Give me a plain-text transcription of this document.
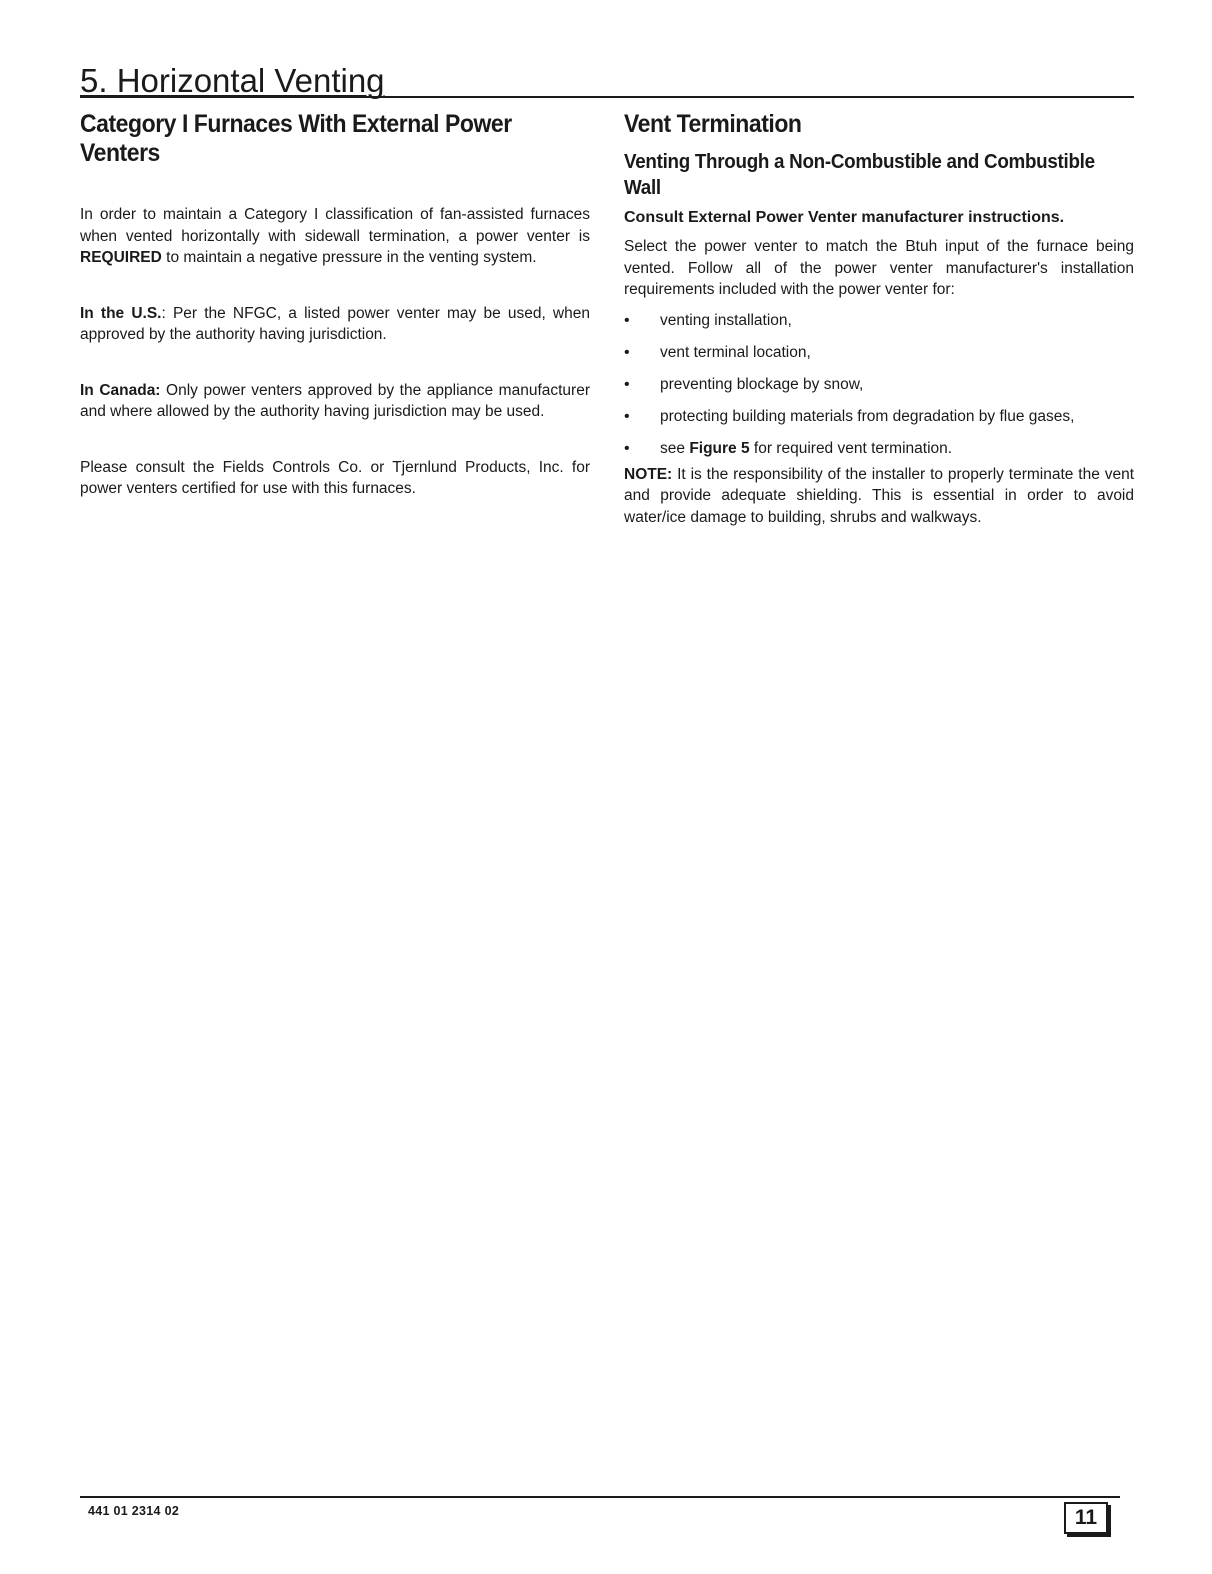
5. Horizontal Venting
Category I Furnaces With External Power Venters

In order to maintain a Category I classification of fan-assisted furnaces when vented horizontally with sidewall termination, a power venter is REQUIRED to maintain a negative pressure in the venting system.

In the U.S.: Per the NFGC, a listed power venter may be used, when approved by the authority having jurisdiction.

In Canada: Only power venters approved by the appliance manufacturer and where allowed by the authority having jurisdiction may be used.

Please consult the Fields Controls Co. or Tjernlund Products, Inc. for power venters certified for use with this furnaces.

Vent Termination
Venting Through a Non-Combustible and Combustible Wall
Consult External Power Venter manufacturer instructions.

Select the power venter to match the Btuh input of the furnace being vented. Follow all of the power venter manufacturer's installation requirements included with the power venter for:

• venting installation,
• vent terminal location,
• preventing blockage by snow,
• protecting building materials from degradation by flue gases,
• see Figure 5 for required vent termination.

NOTE: It is the responsibility of the installer to properly terminate the vent and provide adequate shielding. This is essential in order to avoid water/ice damage to building, shrubs and walkways.

441 01 2314 02	11
